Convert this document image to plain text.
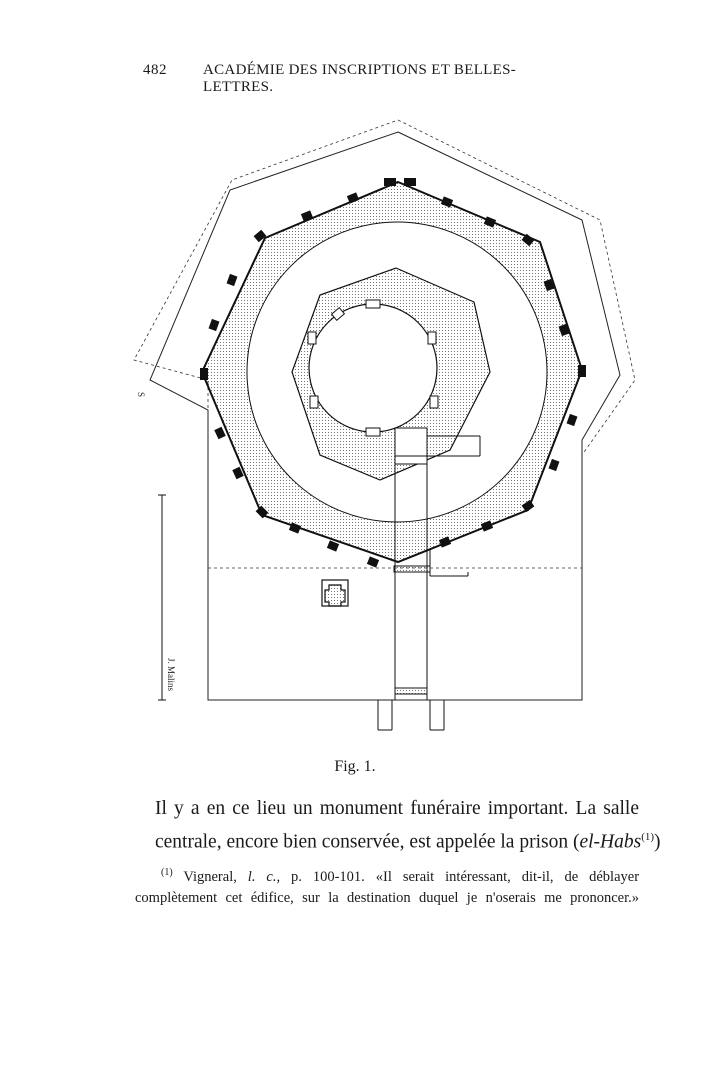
482 ACADÉMIE DES INSCRIPTIONS ET BELLES-LETTRES.
J. Malins
S
Fig. 1.
Il y a en ce lieu un monument funéraire important. La salle
centrale, encore bien conservée, est appelée la prison (el-Habs$^{(1)}$)
$^{(1)}$ Vigneral, l. c., p. 100-101. «Il serait intéressant, dit-il, de déblayer
complètement cet édifice, sur la destination duquel je n'oserais me prononcer.»
